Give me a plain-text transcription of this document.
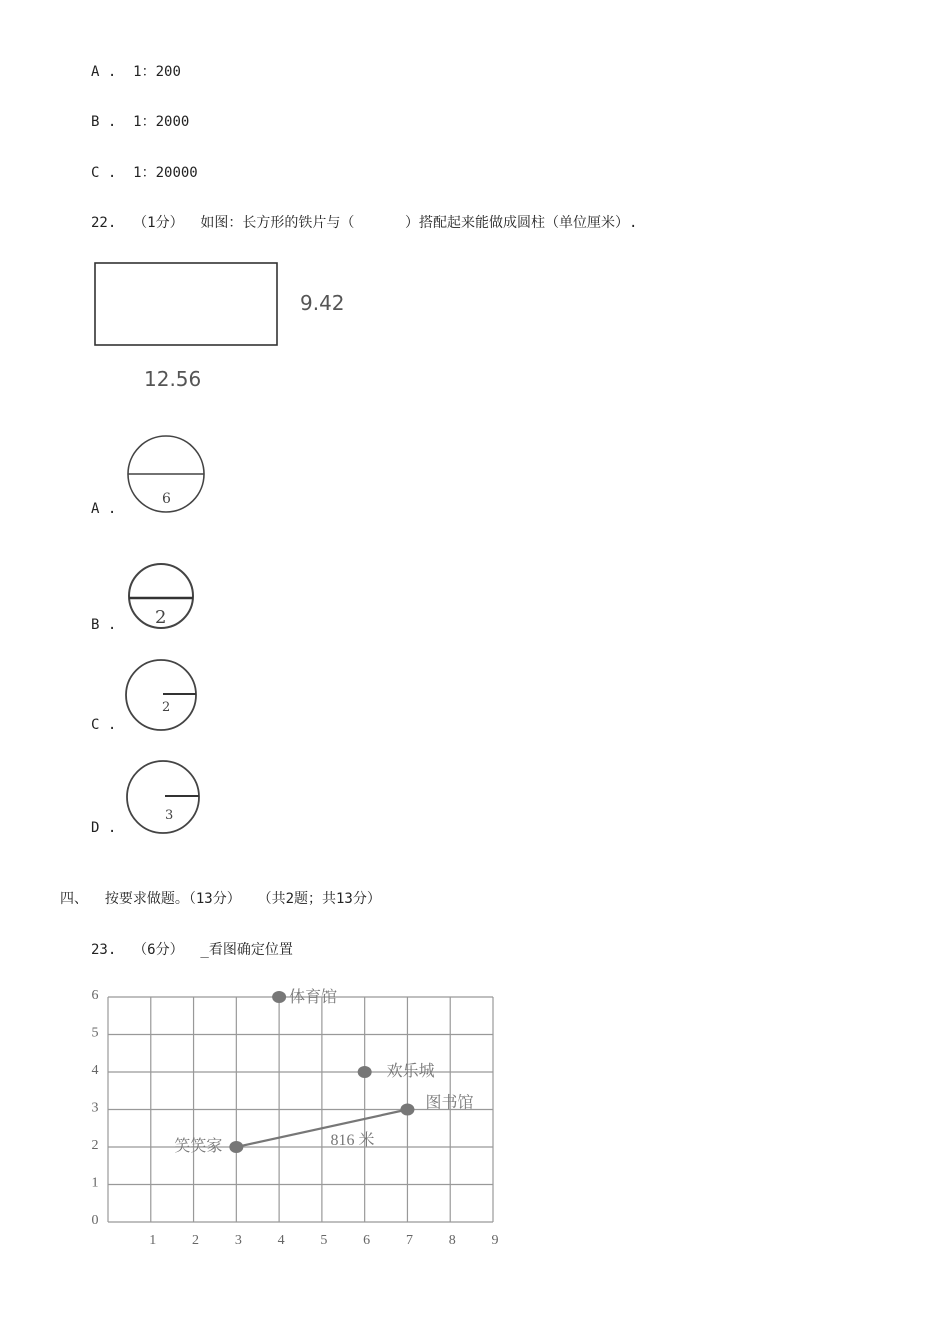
A . 1：200
B . 1：2000
C . 1：20000
22.  （1分）  如图：长方形的铁片与（      ）搭配起来能做成圆柱（单位厘米）.
9.42
12.56
A .
6
B . 2
C .
2
D .
3
四、  按要求做题。（13分）  （共2题；共13分）
23.  （6分）  _看图确定位置
1	2	3	4	5	6	7	8	9
0
1
2
3
4
5
6
816 米
体育馆
欢乐城
图书馆
笑笑家
